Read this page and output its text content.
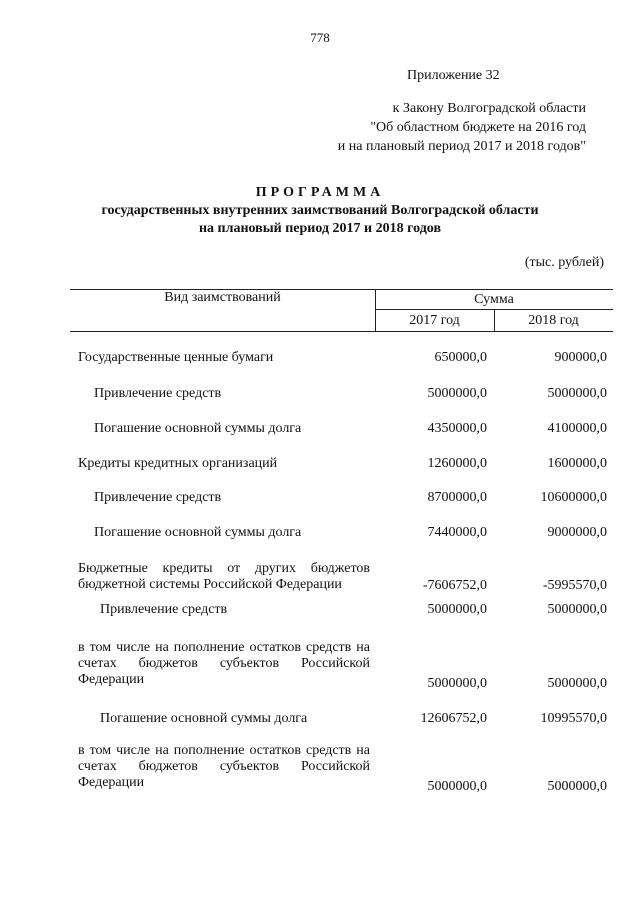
778
Приложение 32
к Закону Волгоградской области
"Об областном бюджете на 2016 год
и на плановый период 2017 и 2018 годов"
ПРОГРАММА
государственных внутренних заимствований Волгоградской области
на плановый период 2017 и 2018 годов
(тыс. рублей)
Вид заимствований	Сумма
2017 год	2018 год
Государственные ценные бумаги	650000,0	900000,0
Привлечение средств	5000000,0	5000000,0
Погашение основной суммы долга	4350000,0	4100000,0
Кредиты кредитных организаций	1260000,0	1600000,0
Привлечение средств	8700000,0	10600000,0
Погашение основной суммы долга	7440000,0	9000000,0
Бюджетные кредиты от других бюджетов бюджетной системы Российской Федерации	-7606752,0	-5995570,0
Привлечение средств	5000000,0	5000000,0
в том числе на пополнение остатков средств на счетах бюджетов субъектов Российской Федерации	5000000,0	5000000,0
Погашение основной суммы долга	12606752,0	10995570,0
в том числе на пополнение остатков средств на счетах бюджетов субъектов Российской Федерации	5000000,0	5000000,0
